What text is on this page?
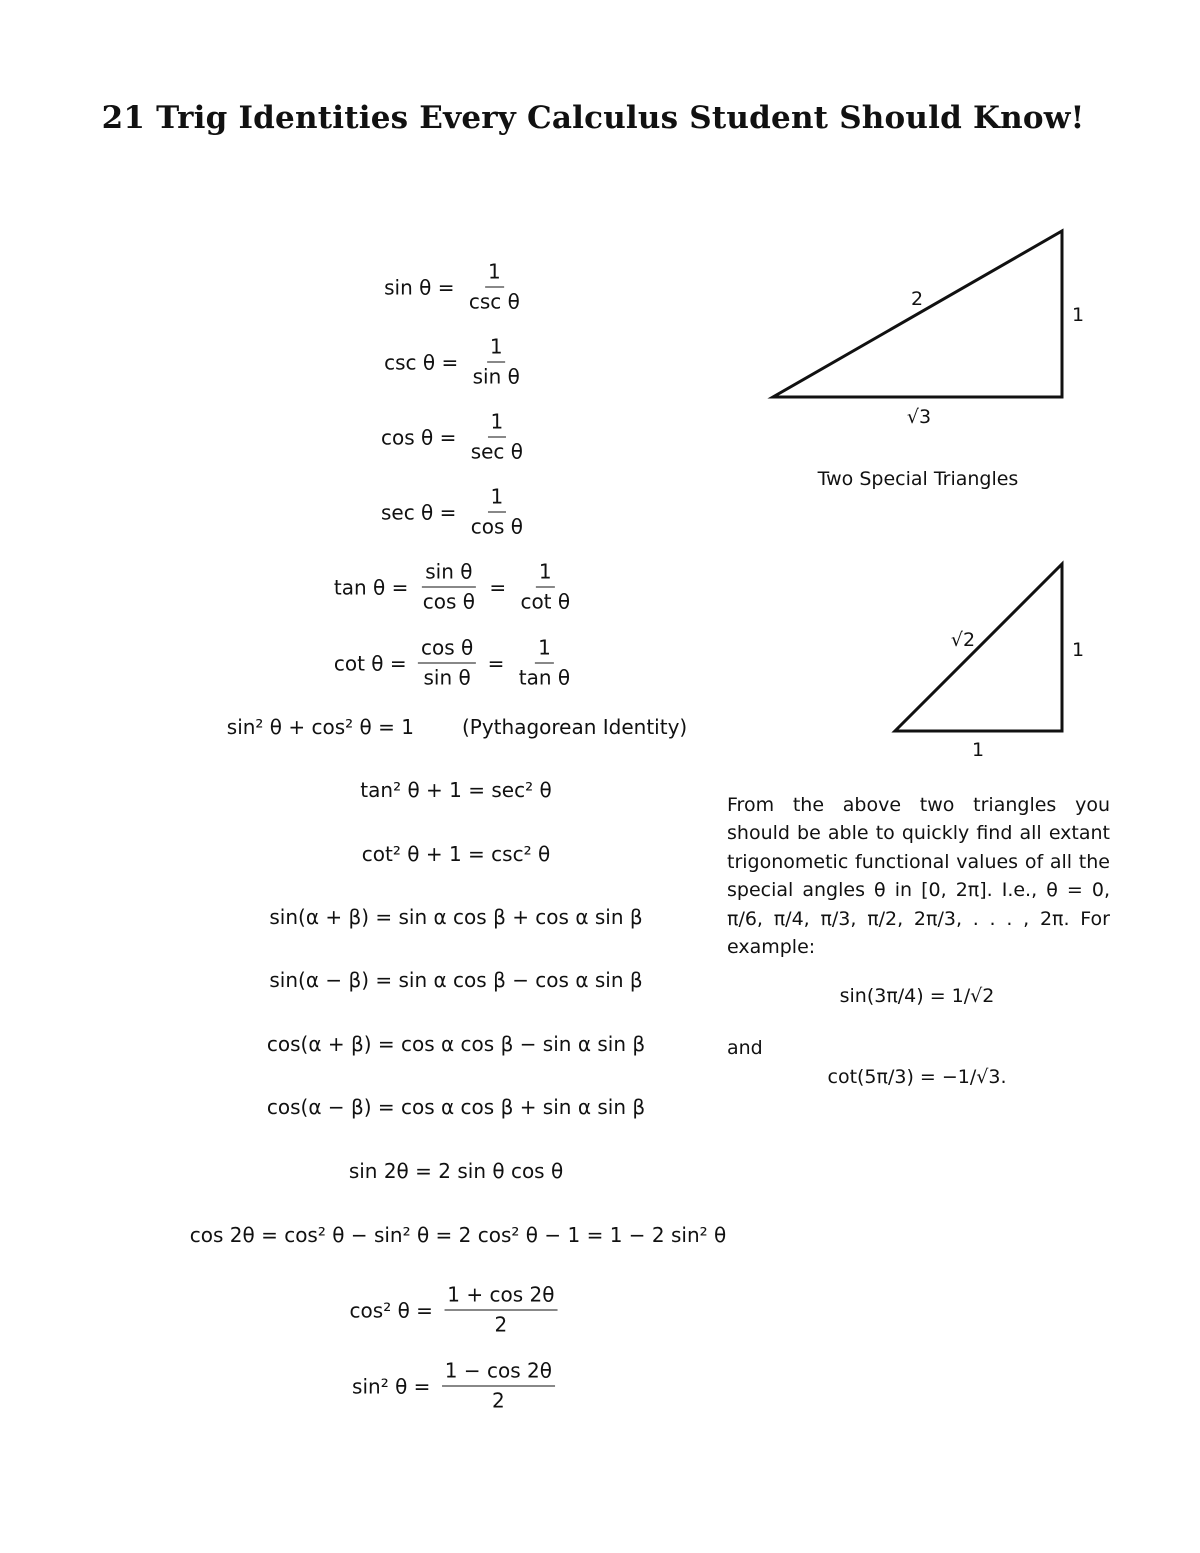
21 Trig Identities Every Calculus Student Should Know!
$\sin \theta = \frac{1}{\text{csc θ}}$
$\csc \theta = \frac{1}{\text{sin θ}}$
$\cos \theta = \frac{1}{\text{sec θ}}$
$\sec \theta = \frac{1}{\text{cos θ}}$
$\tan \theta = \frac{\text{sin θ}}{\text{cos θ}} = \frac{1}{\text{cot θ}}$
$\cot \theta = \frac{\text{cos θ}}{\text{sin θ}} = \frac{1}{\text{tan θ}}$
sin² θ + cos² θ = 1 (Pythagorean Identity)
tan² θ + 1 = sec² θ
cot² θ + 1 = csc² θ
sin(α + β) = sin α cos β + cos α sin β
sin(α − β) = sin α cos β − cos α sin β
cos(α + β) = cos α cos β − sin α sin β
cos(α − β) = cos α cos β + sin α sin β
sin 2θ = 2 sin θ cos θ
cos 2θ = cos² θ − sin² θ = 2 cos² θ − 1 = 1 − 2 sin² θ
cos² $\theta = \frac{1 + \cos 2\theta}{2}$
sin² $\theta = \frac{1 - \cos 2\theta}{2}$
2
1
√3
√2	1
1
Two Special Triangles
From the above two triangles you should be able to quickly find all extant trigonometic functional values of all the special angles θ in [0, 2π]. I.e., θ = 0, π/6, π/4, π/3, π/2, 2π/3, . . . , 2π. For example:
sin(3π/4) = 1/√2
and
cot(5π/3) = −1/√3.
